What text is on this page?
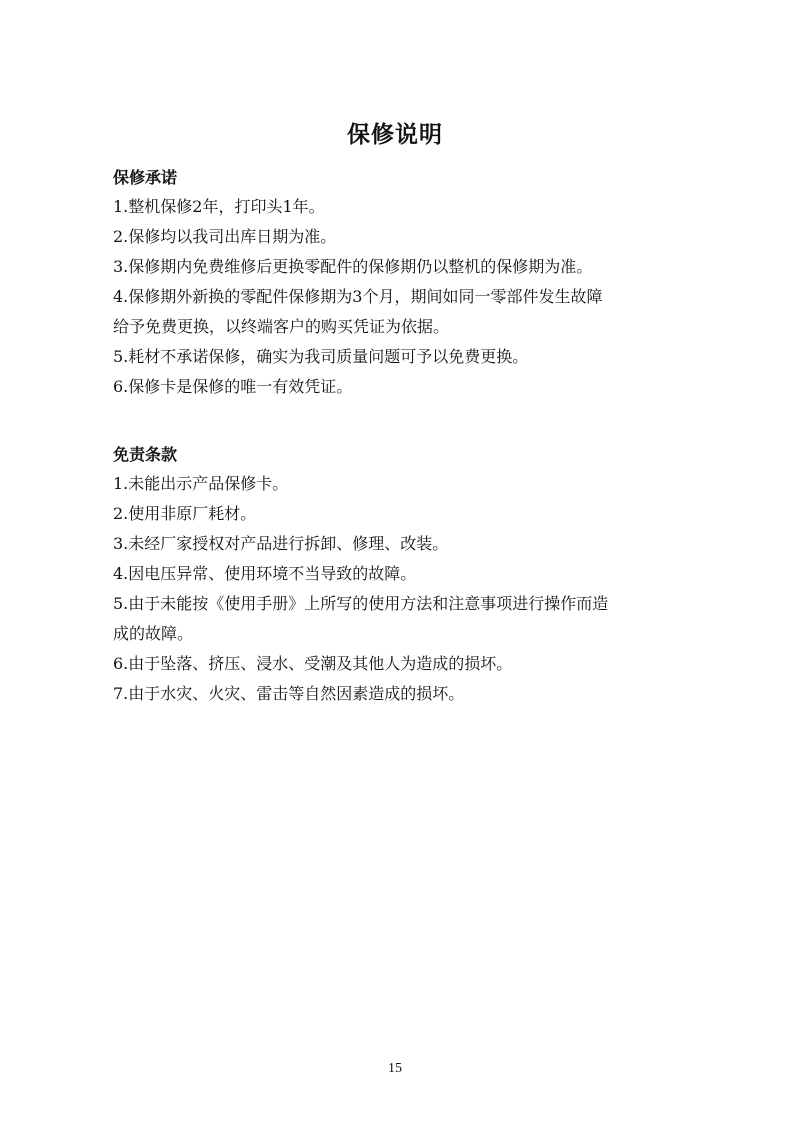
保修说明
保修承诺
1.整机保修2年，打印头1年。
2.保修均以我司出库日期为准。
3.保修期内免费维修后更换零配件的保修期仍以整机的保修期为准。
4.保修期外新换的零配件保修期为3个月，期间如同一零部件发生故障
给予免费更换，以终端客户的购买凭证为依据。
5.耗材不承诺保修，确实为我司质量问题可予以免费更换。
6.保修卡是保修的唯一有效凭证。
免责条款
1.未能出示产品保修卡。
2.使用非原厂耗材。
3.未经厂家授权对产品进行拆卸、修理、改装。
4.因电压异常、使用环境不当导致的故障。
5.由于未能按《使用手册》上所写的使用方法和注意事项进行操作而造
成的故障。
6.由于坠落、挤压、浸水、受潮及其他人为造成的损坏。
7.由于水灾、火灾、雷击等自然因素造成的损坏。
15
